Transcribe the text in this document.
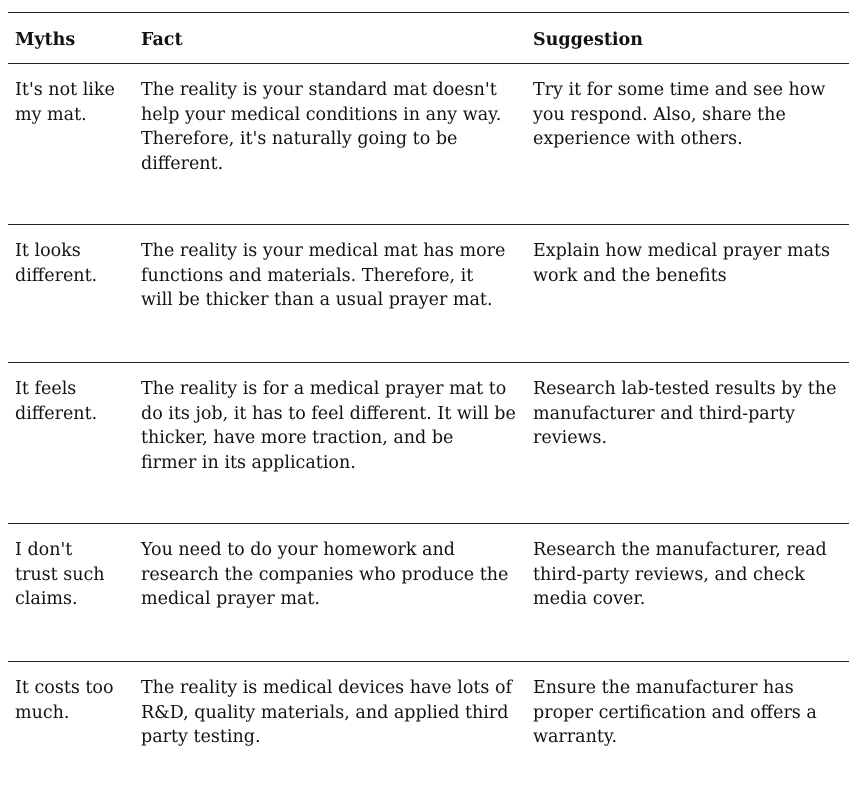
Myths	Fact	Suggestion
It's not like
my mat.
The reality is your standard mat doesn't
help your medical conditions in any way.
Therefore, it's naturally going to be
different.
Try it for some time and see how
you respond. Also, share the
experience with others.
It looks
different.
The reality is your medical mat has more
functions and materials. Therefore, it
will be thicker than a usual prayer mat.
Explain how medical prayer mats
work and the benefits
It feels
different.
The reality is for a medical prayer mat to
do its job, it has to feel different. It will be
thicker, have more traction, and be
firmer in its application.
Research lab-tested results by the
manufacturer and third-party
reviews.
I don't
trust such
claims.
You need to do your homework and
research the companies who produce the
medical prayer mat.
Research the manufacturer, read
third-party reviews, and check
media cover.
It costs too
much.
The reality is medical devices have lots of
R&D, quality materials, and applied third
party testing.
Ensure the manufacturer has
proper certification and offers a
warranty.
